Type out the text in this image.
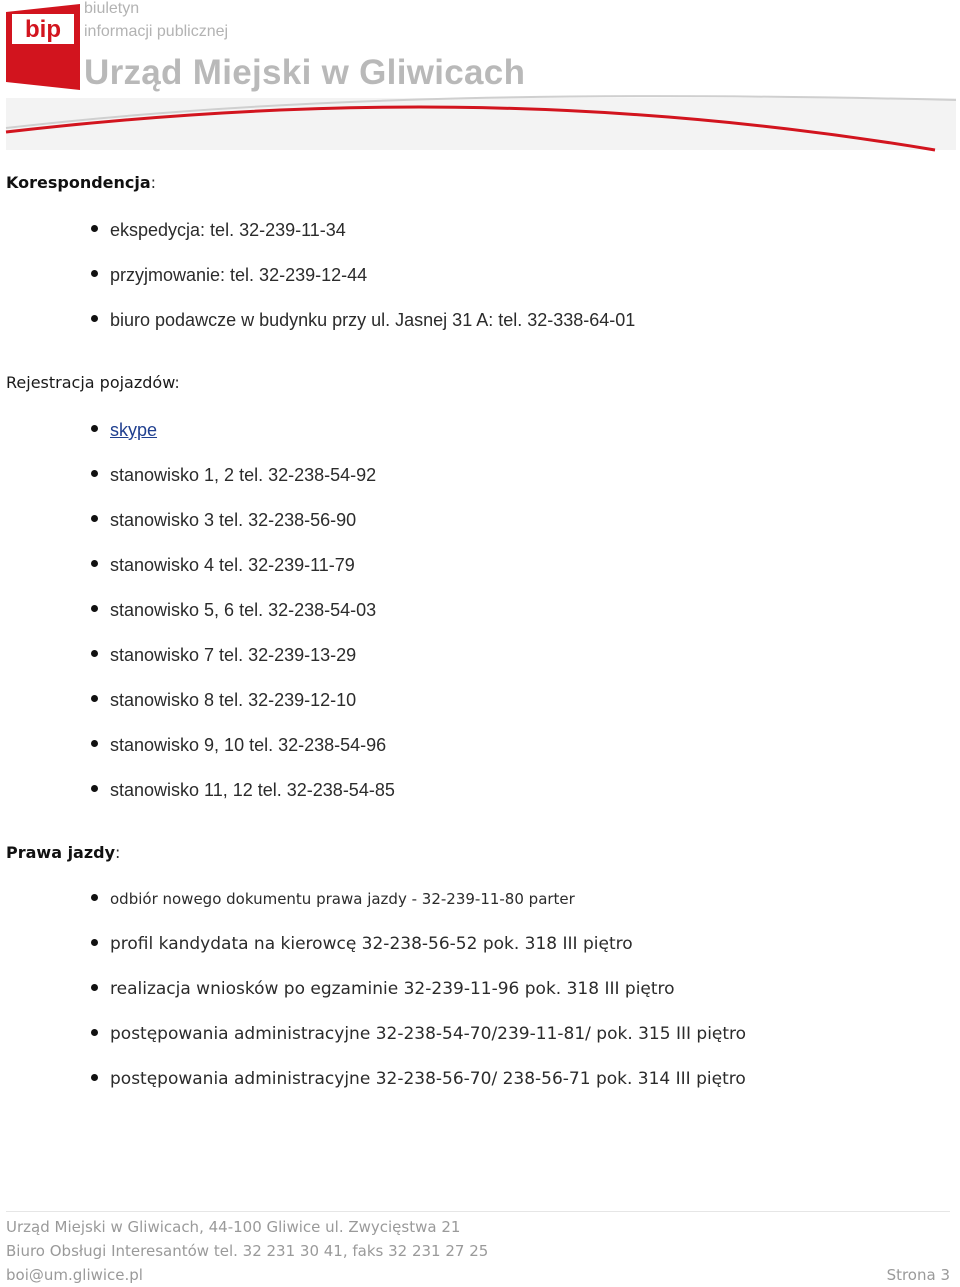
bip
biuletyn
informacji publicznej
Urząd Miejski w Gliwicach
Korespondencja:
ekspedycja: tel. 32-239-11-34
przyjmowanie: tel. 32-239-12-44
biuro podawcze w budynku przy ul. Jasnej 31 A: tel. 32-338-64-01
Rejestracja pojazdów:
skype
stanowisko 1, 2 tel. 32-238-54-92
stanowisko 3 tel. 32-238-56-90
stanowisko 4 tel. 32-239-11-79
stanowisko 5, 6 tel. 32-238-54-03
stanowisko 7 tel. 32-239-13-29
stanowisko 8 tel. 32-239-12-10
stanowisko 9, 10 tel. 32-238-54-96
stanowisko 11, 12 tel. 32-238-54-85
Prawa jazdy:
odbiór nowego dokumentu prawa jazdy - 32-239-11-80 parter
profil kandydata na kierowcę 32-238-56-52 pok. 318 III piętro
realizacja wniosków po egzaminie 32-239-11-96 pok. 318 III piętro
postępowania administracyjne 32-238-54-70/239-11-81/ pok. 315 III piętro
postępowania administracyjne 32-238-56-70/ 238-56-71 pok. 314 III piętro
Urząd Miejski w Gliwicach, 44-100 Gliwice ul. Zwycięstwa 21
Biuro Obsługi Interesantów tel. 32 231 30 41, faks 32 231 27 25
boi@um.gliwice.pl	Strona 3
